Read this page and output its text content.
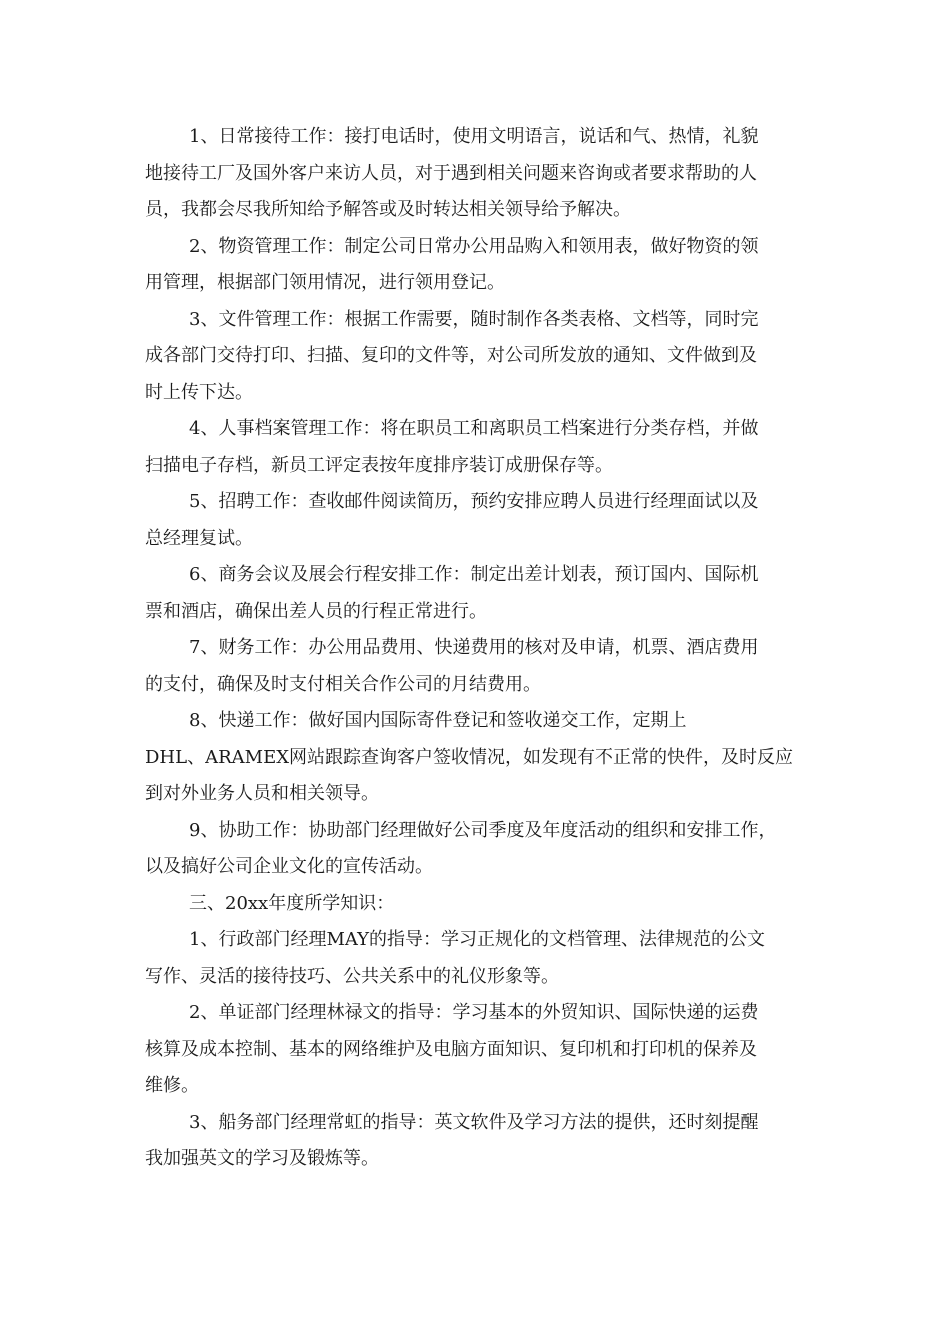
1、日常接待工作：接打电话时，使用文明语言，说话和气、热情，礼貌
地接待工厂及国外客户来访人员，对于遇到相关问题来咨询或者要求帮助的人
员，我都会尽我所知给予解答或及时转达相关领导给予解决。

2、物资管理工作：制定公司日常办公用品购入和领用表，做好物资的领
用管理，根据部门领用情况，进行领用登记。

3、文件管理工作：根据工作需要，随时制作各类表格、文档等，同时完
成各部门交待打印、扫描、复印的文件等，对公司所发放的通知、文件做到及
时上传下达。

4、人事档案管理工作：将在职员工和离职员工档案进行分类存档，并做
扫描电子存档，新员工评定表按年度排序装订成册保存等。

5、招聘工作：查收邮件阅读简历，预约安排应聘人员进行经理面试以及
总经理复试。

6、商务会议及展会行程安排工作：制定出差计划表，预订国内、国际机
票和酒店，确保出差人员的行程正常进行。

7、财务工作：办公用品费用、快递费用的核对及申请，机票、酒店费用
的支付，确保及时支付相关合作公司的月结费用。

8、快递工作：做好国内国际寄件登记和签收递交工作，定期上
DHL、ARAMEX网站跟踪查询客户签收情况，如发现有不正常的快件，及时反应
到对外业务人员和相关领导。

9、协助工作：协助部门经理做好公司季度及年度活动的组织和安排工作，
以及搞好公司企业文化的宣传活动。

三、20xx年度所学知识：

1、行政部门经理MAY的指导：学习正规化的文档管理、法律规范的公文
写作、灵活的接待技巧、公共关系中的礼仪形象等。

2、单证部门经理林禄文的指导：学习基本的外贸知识、国际快递的运费
核算及成本控制、基本的网络维护及电脑方面知识、复印机和打印机的保养及
维修。

3、船务部门经理常虹的指导：英文软件及学习方法的提供，还时刻提醒
我加强英文的学习及锻炼等。
